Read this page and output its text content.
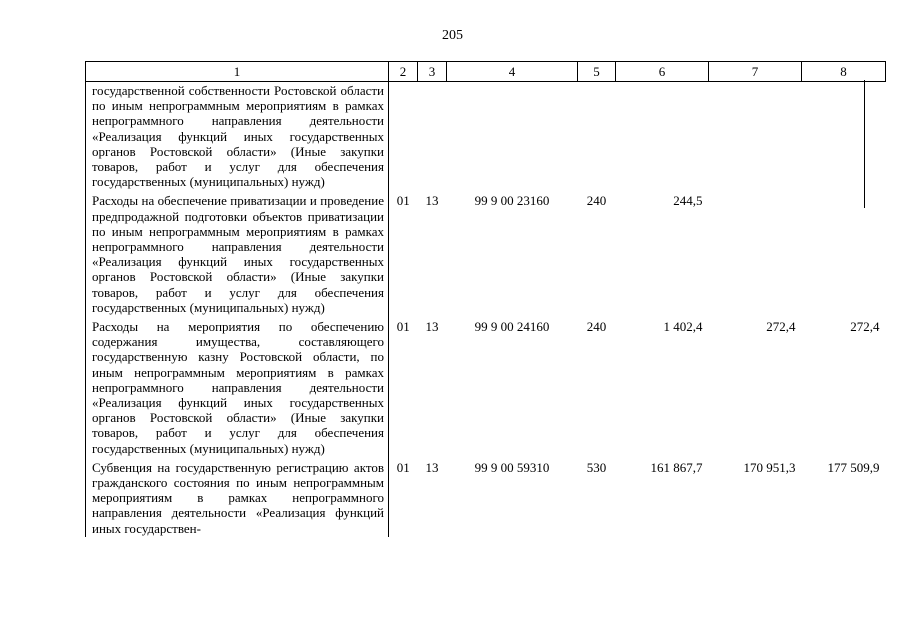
205
1	2	3	4	5	6	7	8
государственной собственности Ростовской области по иным непрограммным мероприятиям в рамках непрограммного направления деятельности «Реализация функций иных государственных органов Ростовской области» (Иные закупки товаров, работ и услуг для обеспечения государственных (муниципальных) нужд)							
Расходы на обеспечение приватизации и проведение предпродажной подготовки объектов приватизации по иным непрограммным мероприятиям в рамках непрограммного направления деятельности «Реализация функций иных государственных органов Ростовской области» (Иные закупки товаров, работ и услуг для обеспечения государственных (муниципальных) нужд)	01	13	99 9 00 23160	240	244,5		
Расходы на мероприятия по обеспечению содержания имущества, составляющего государственную казну Ростовской области, по иным непрограммным мероприятиям в рамках непрограммного направления деятельности «Реализация функций иных государственных органов Ростовской области» (Иные закупки товаров, работ и услуг для обеспечения государственных (муниципальных) нужд)	01	13	99 9 00 24160	240	1 402,4	272,4	272,4
Субвенция на государственную регистрацию актов гражданского состояния по иным непрограммным мероприятиям в рамках непрограммного направления деятельности «Реализация функций иных государствен-	01	13	99 9 00 59310	530	161 867,7	170 951,3	177 509,9
